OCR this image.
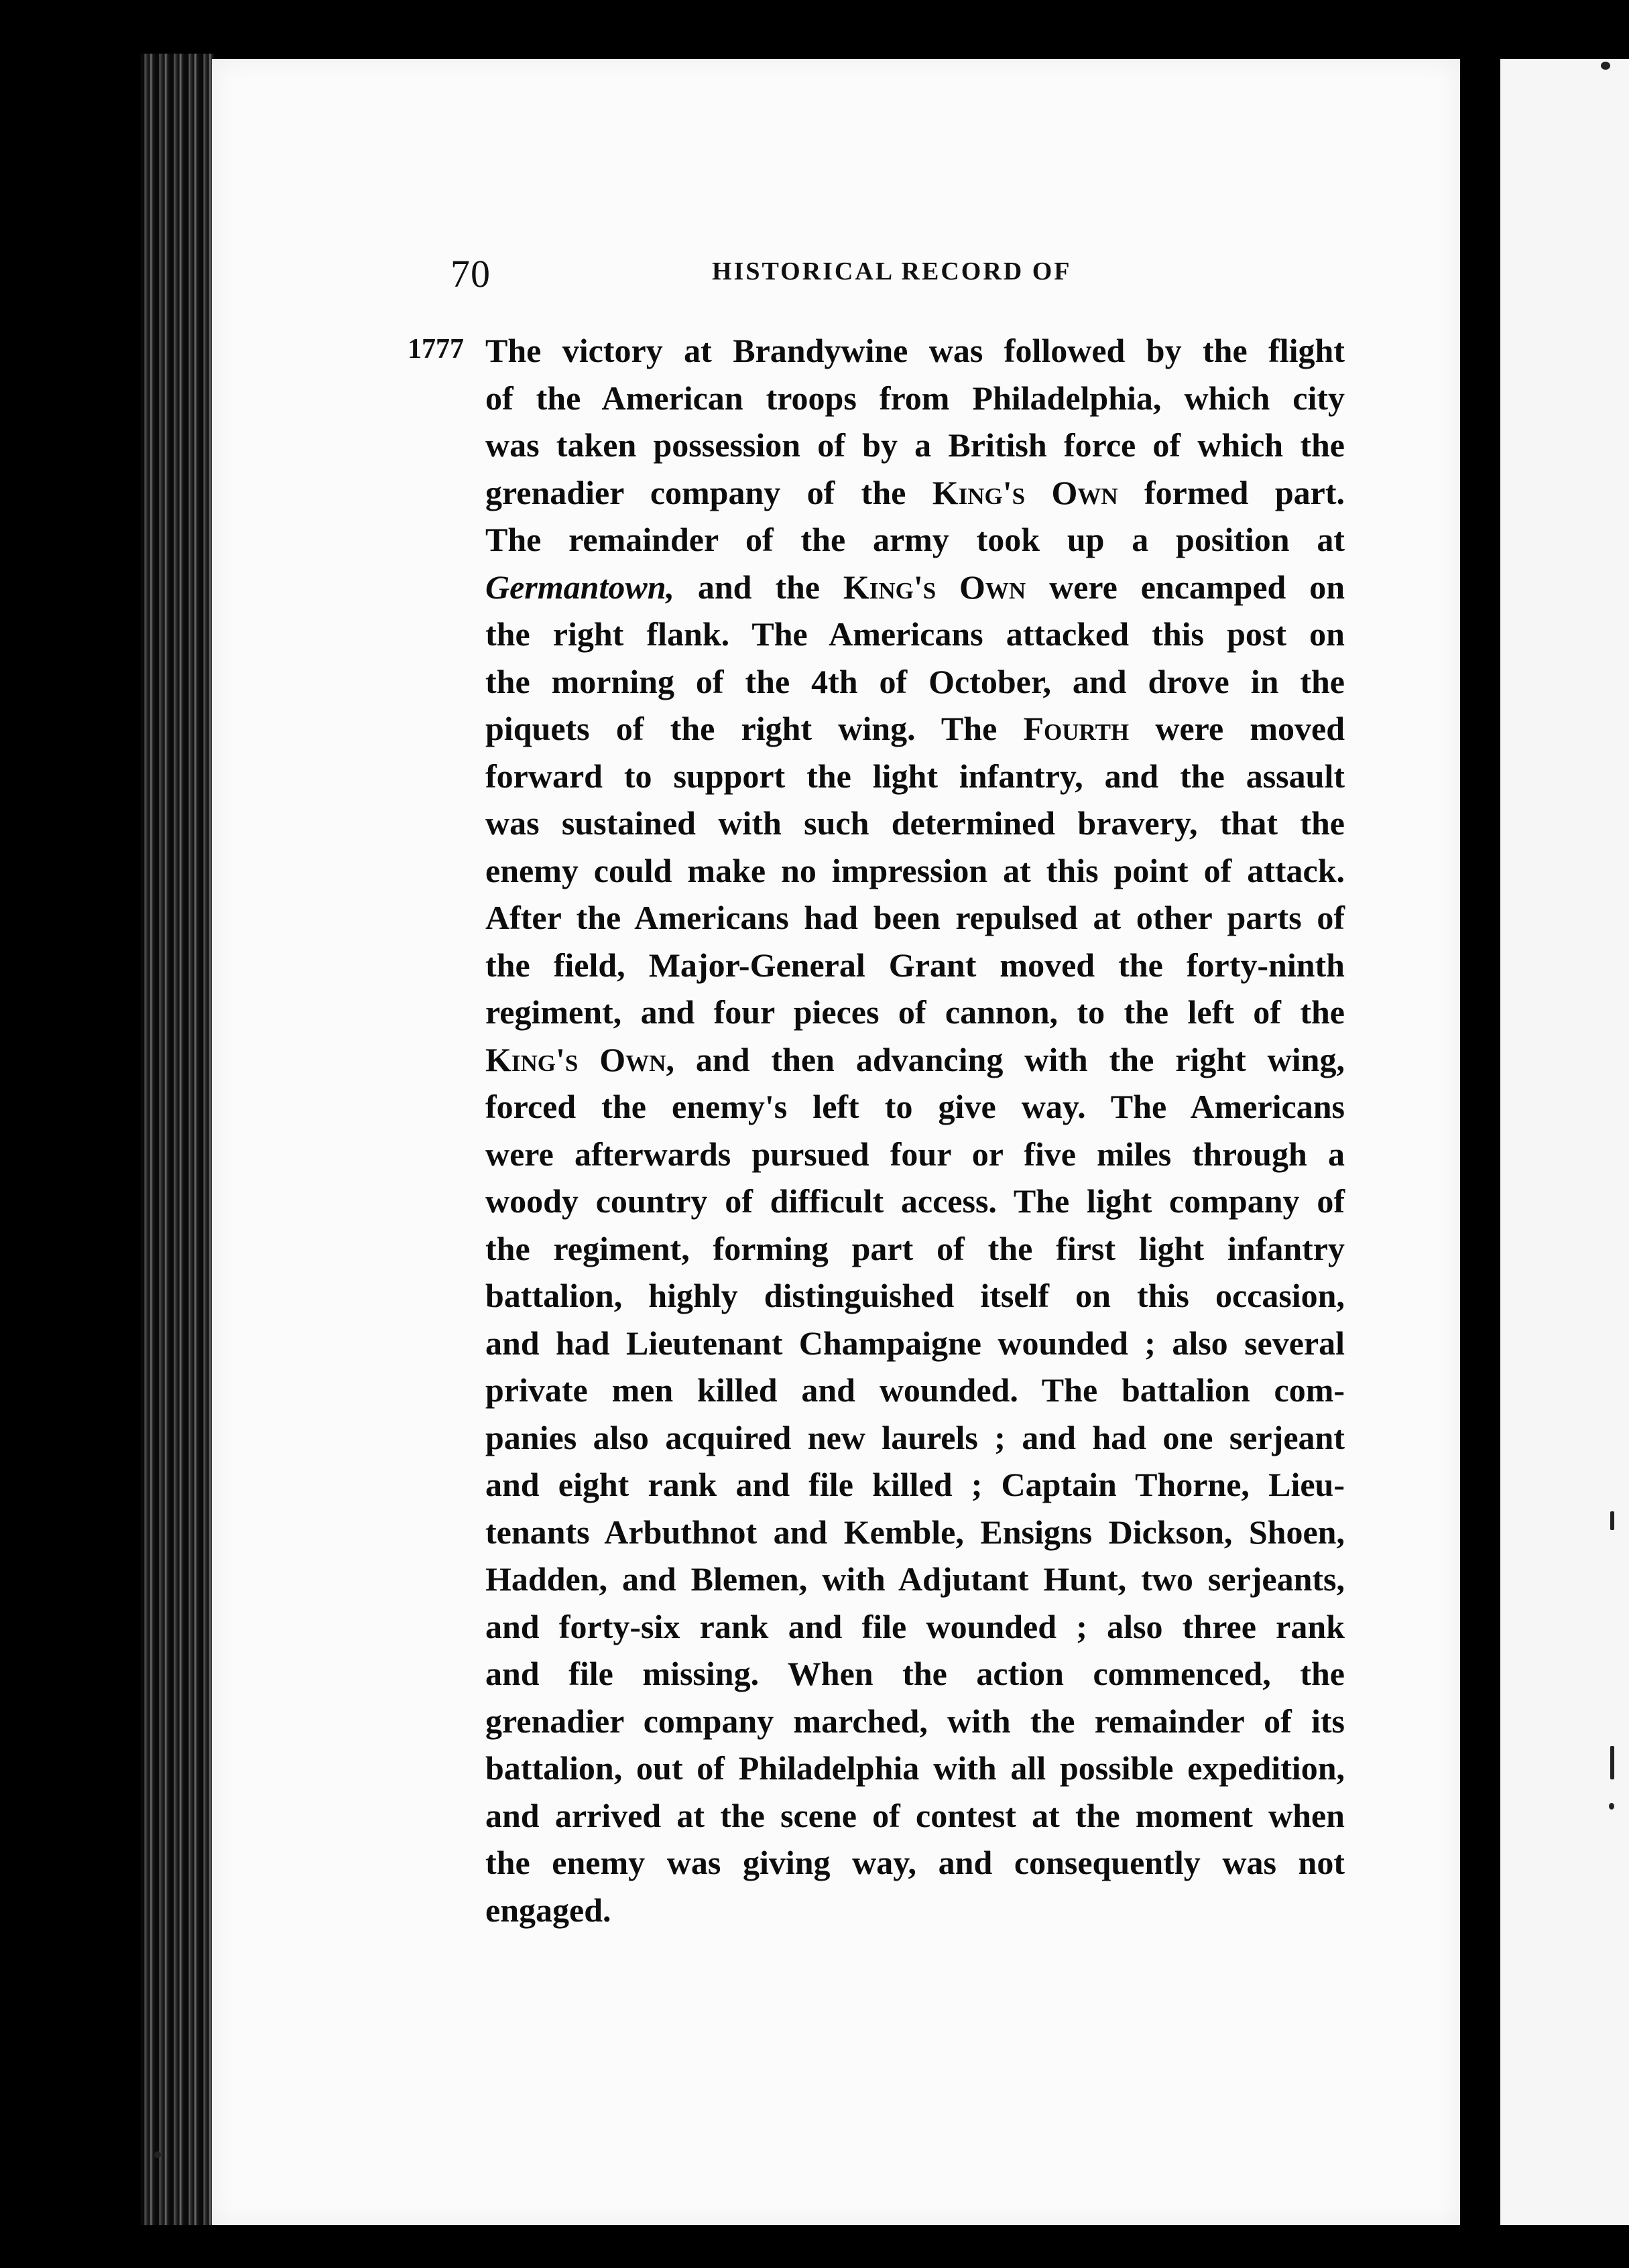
70	HISTORICAL RECORD OF
1777 The victory at Brandywine was followed by the flight
of the American troops from Philadelphia, which city
was taken possession of by a British force of which the
grenadier company of the King's Own formed part.
The remainder of the army took up a position at
Germantown, and the King's Own were encamped on
the right flank. The Americans attacked this post on
the morning of the 4th of October, and drove in the
piquets of the right wing. The Fourth were moved
forward to support the light infantry, and the assault
was sustained with such determined bravery, that the
enemy could make no impression at this point of attack.
After the Americans had been repulsed at other parts of
the field, Major-General Grant moved the forty-ninth
regiment, and four pieces of cannon, to the left of the
King's Own, and then advancing with the right wing,
forced the enemy's left to give way. The Americans
were afterwards pursued four or five miles through a
woody country of difficult access. The light company of
the regiment, forming part of the first light infantry
battalion, highly distinguished itself on this occasion,
and had Lieutenant Champaigne wounded ; also several
private men killed and wounded. The battalion com-
panies also acquired new laurels ; and had one serjeant
and eight rank and file killed ; Captain Thorne, Lieu-
tenants Arbuthnot and Kemble, Ensigns Dickson, Shoen,
Hadden, and Blemen, with Adjutant Hunt, two serjeants,
and forty-six rank and file wounded ; also three rank
and file missing. When the action commenced, the
grenadier company marched, with the remainder of its
battalion, out of Philadelphia with all possible expedition,
and arrived at the scene of contest at the moment when
the enemy was giving way, and consequently was not
engaged.
